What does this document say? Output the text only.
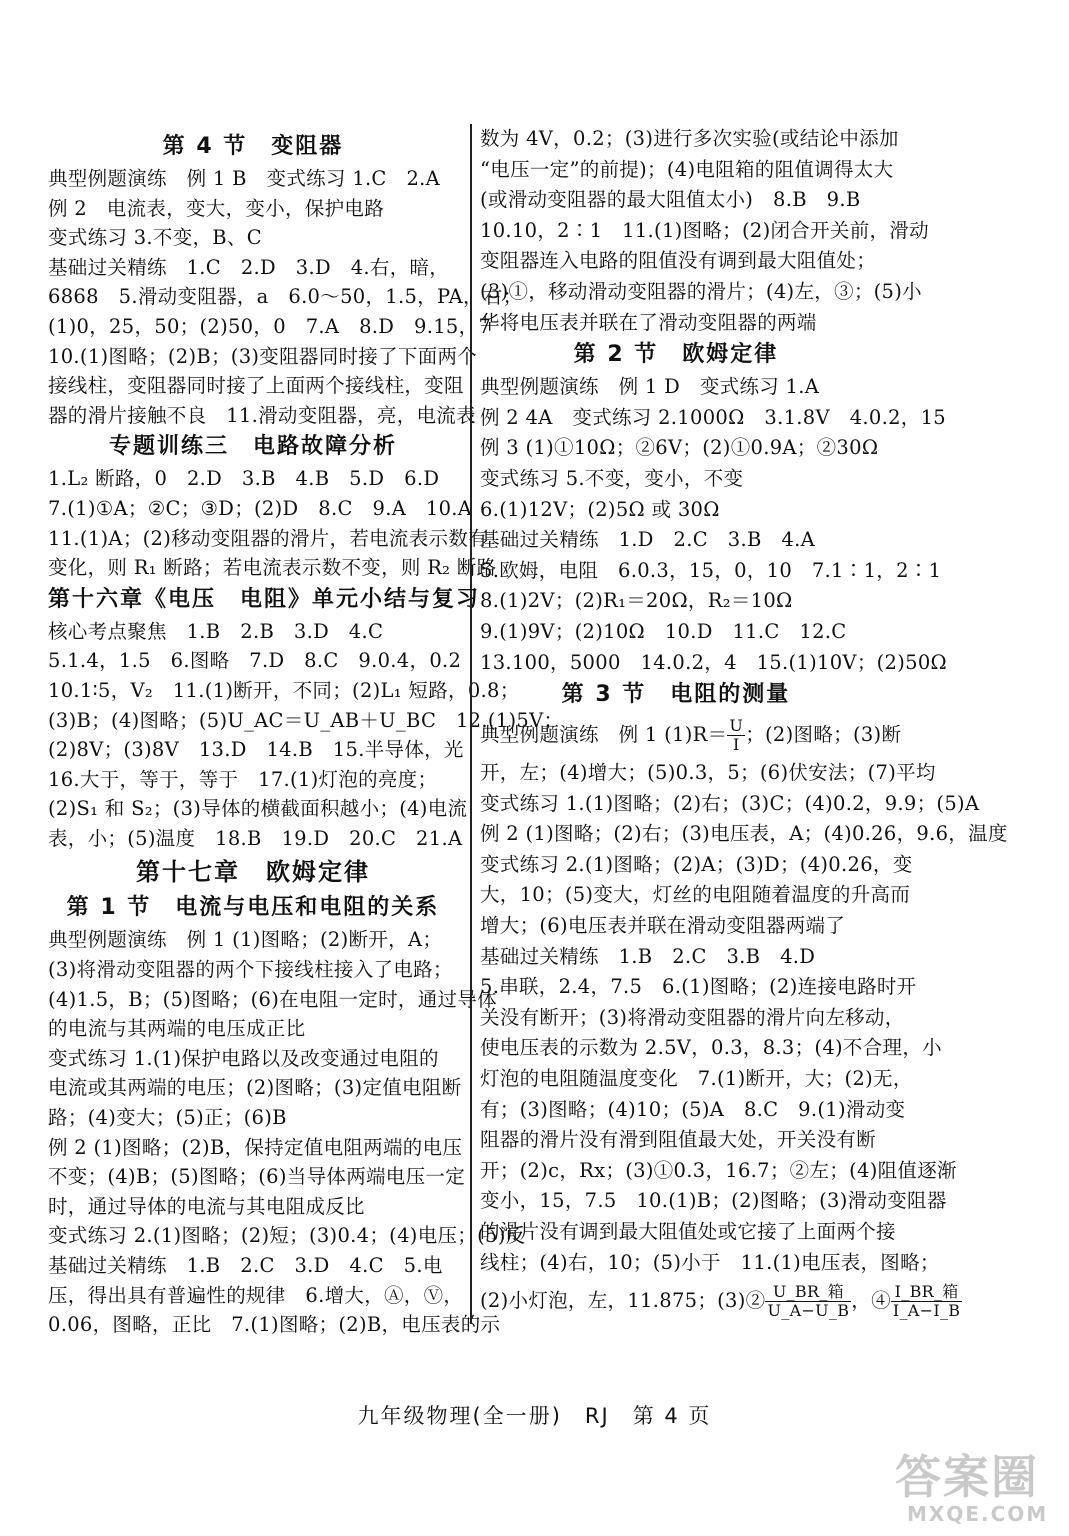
第 4 节　变阻器
典型例题演练　例 1 B　变式练习 1.C　2.A
例 2　电流表，变大，变小，保护电路
变式练习 3.不变，B、C
基础过关精练　1.C　2.D　3.D　4.右，暗，
6868　5.滑动变阻器，a　6.0～50，1.5，PA，右；
(1)0，25，50；(2)50，0　7.A　8.D　9.15，7
10.(1)图略；(2)B；(3)变阻器同时接了下面两个
接线柱，变阻器同时接了上面两个接线柱，变阻
器的滑片接触不良　11.滑动变阻器，亮，电流表
专题训练三　电路故障分析
1.L₂ 断路，0　2.D　3.B　4.B　5.D　6.D
7.(1)①A；②C；③D；(2)D　8.C　9.A　10.A
11.(1)A；(2)移动变阻器的滑片，若电流表示数有
变化，则 R₁ 断路；若电流表示数不变，则 R₂ 断路
第十六章《电压　电阻》单元小结与复习
核心考点聚焦　1.B　2.B　3.D　4.C
5.1.4，1.5　6.图略　7.D　8.C　9.0.4，0.2
10.1∶5，V₂　11.(1)断开，不同；(2)L₁ 短路，0.8；
(3)B；(4)图略；(5)U_AC＝U_AB＋U_BC　12.(1)5V；
(2)8V；(3)8V　13.D　14.B　15.半导体，光
16.大于，等于，等于　17.(1)灯泡的亮度；
(2)S₁ 和 S₂；(3)导体的横截面积越小；(4)电流
表，小；(5)温度　18.B　19.D　20.C　21.A
第十七章　欧姆定律
第 1 节　电流与电压和电阻的关系
典型例题演练　例 1 (1)图略；(2)断开，A；
(3)将滑动变阻器的两个下接线柱接入了电路；
(4)1.5，B；(5)图略；(6)在电阻一定时，通过导体
的电流与其两端的电压成正比
变式练习 1.(1)保护电路以及改变通过电阻的
电流或其两端的电压；(2)图略；(3)定值电阻断
路；(4)变大；(5)正；(6)B
例 2 (1)图略；(2)B，保持定值电阻两端的电压
不变；(4)B；(5)图略；(6)当导体两端电压一定
时，通过导体的电流与其电阻成反比
变式练习 2.(1)图略；(2)短；(3)0.4；(4)电压；(5)反
基础过关精练　1.B　2.C　3.D　4.C　5.电
压，得出具有普遍性的规律　6.增大，Ⓐ，Ⓥ，
0.06，图略，正比　7.(1)图略；(2)B，电压表的示
数为 4V，0.2；(3)进行多次实验(或结论中添加
“电压一定”的前提)；(4)电阻箱的阻值调得太大
(或滑动变阻器的最大阻值太小)　8.B　9.B
10.10，2∶1　11.(1)图略；(2)闭合开关前，滑动
变阻器连入电路的阻值没有调到最大阻值处；
(3)①，移动滑动变阻器的滑片；(4)左，③；(5)小
华将电压表并联在了滑动变阻器的两端
第 2 节　欧姆定律
典型例题演练　例 1 D　变式练习 1.A
例 2 4A　变式练习 2.1000Ω　3.1.8V　4.0.2，15
例 3 (1)①10Ω；②6V；(2)①0.9A；②30Ω
变式练习 5.不变，变小，不变
6.(1)12V；(2)5Ω 或 30Ω
基础过关精练　1.D　2.C　3.B　4.A
5.欧姆，电阻　6.0.3，15，0，10　7.1∶1，2∶1
8.(1)2V；(2)R₁＝20Ω，R₂＝10Ω
9.(1)9V；(2)10Ω　10.D　11.C　12.C
13.100，5000　14.0.2，4　15.(1)10V；(2)50Ω
第 3 节　电阻的测量
典型例题演练　例 1 $(1)R= \frac{U}{I}$ ；(2)图略；(3)断
开，左；(4)增大；(5)0.3，5；(6)伏安法；(7)平均
变式练习 1.(1)图略；(2)右；(3)C；(4)0.2，9.9；(5)A
例 2 (1)图略；(2)右；(3)电压表，A；(4)0.26，9.6，温度
变式练习 2.(1)图略；(2)A；(3)D；(4)0.26，变
大，10；(5)变大，灯丝的电阻随着温度的升高而
增大；(6)电压表并联在滑动变阻器两端了
基础过关精练　1.B　2.C　3.B　4.D
5.串联，2.4，7.5　6.(1)图略；(2)连接电路时开
关没有断开；(3)将滑动变阻器的滑片向左移动，
使电压表的示数为 2.5V，0.3，8.3；(4)不合理，小
灯泡的电阻随温度变化　7.(1)断开，大；(2)无，
有；(3)图略；(4)10；(5)A　8.C　9.(1)滑动变
阻器的滑片没有滑到阻值最大处，开关没有断
开；(2)c，Rx；(3)①0.3，16.7；②左；(4)阻值逐渐
变小，15，7.5　10.(1)B；(2)图略；(3)滑动变阻器
的滑片没有调到最大阻值处或它接了上面两个接
线柱；(4)右，10；(5)小于　11.(1)电压表，图略；
(2)小灯泡，左，11.875；(3)② $\frac{\text{U\_BR\_箱}}{U\_A-U\_B}$ ，④ $\frac{\text{I\_BR\_箱}}{I\_A-I\_B}$
九年级物理(全一册)　RJ　第 4 页
答案圈
MXQE.COM
